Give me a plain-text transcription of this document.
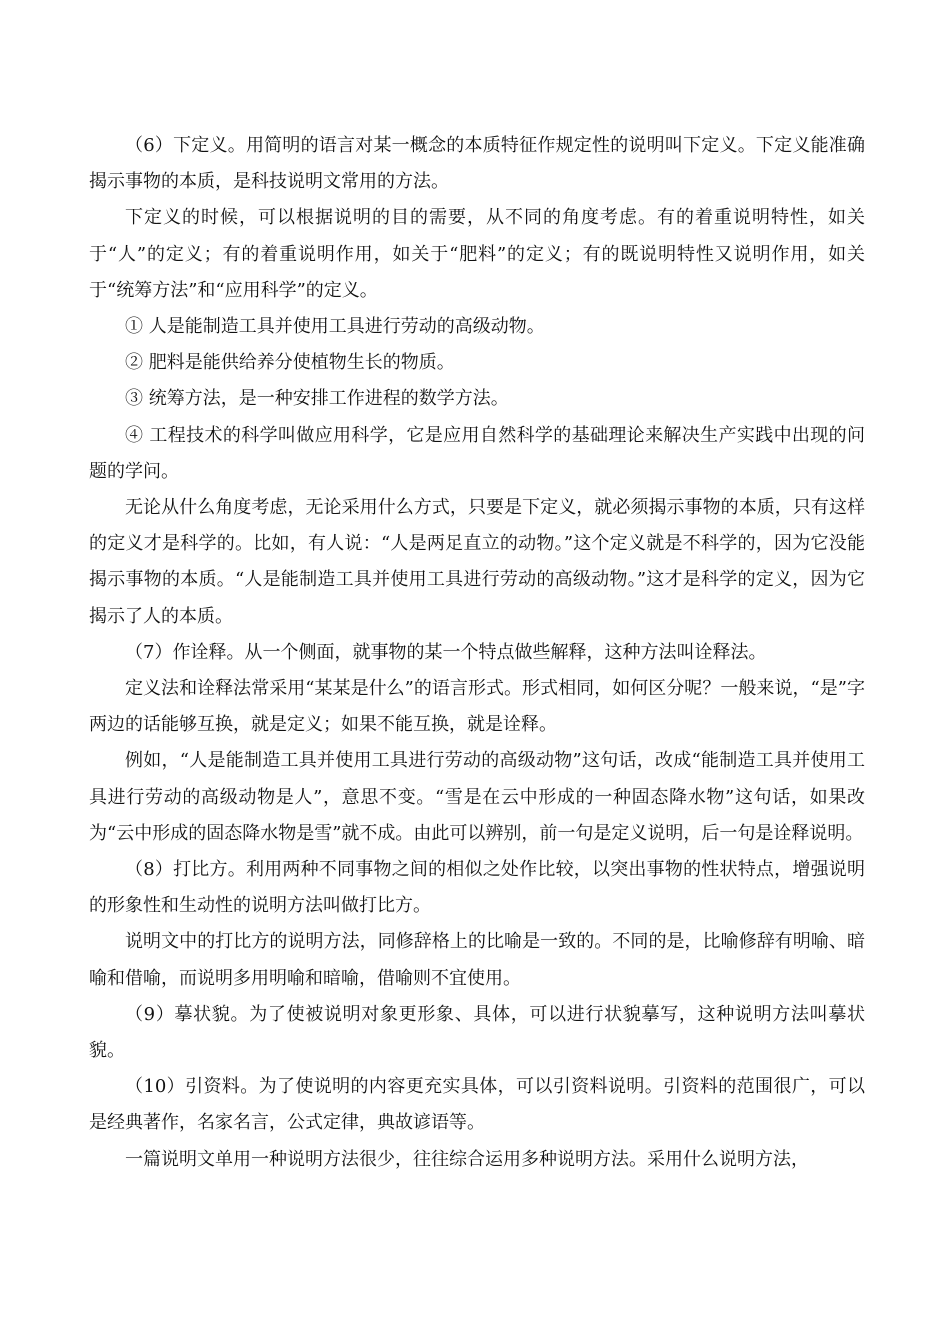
（6）下定义。用简明的语言对某一概念的本质特征作规定性的说明叫下定义。下定义能准确揭示事物的本质，是科技说明文常用的方法。

下定义的时候，可以根据说明的目的需要，从不同的角度考虑。有的着重说明特性，如关于“人”的定义；有的着重说明作用，如关于“肥料”的定义；有的既说明特性又说明作用，如关于“统筹方法”和“应用科学”的定义。

① 人是能制造工具并使用工具进行劳动的高级动物。

② 肥料是能供给养分使植物生长的物质。

③ 统筹方法，是一种安排工作进程的数学方法。

④ 工程技术的科学叫做应用科学，它是应用自然科学的基础理论来解决生产实践中出现的问题的学问。

无论从什么角度考虑，无论采用什么方式，只要是下定义，就必须揭示事物的本质，只有这样的定义才是科学的。比如，有人说：“人是两足直立的动物。”这个定义就是不科学的，因为它没能揭示事物的本质。“人是能制造工具并使用工具进行劳动的高级动物。”这才是科学的定义，因为它揭示了人的本质。

（7）作诠释。从一个侧面，就事物的某一个特点做些解释，这种方法叫诠释法。

定义法和诠释法常采用“某某是什么”的语言形式。形式相同，如何区分呢？一般来说，“是”字两边的话能够互换，就是定义；如果不能互换，就是诠释。

例如，“人是能制造工具并使用工具进行劳动的高级动物”这句话，改成“能制造工具并使用工具进行劳动的高级动物是人”，意思不变。“雪是在云中形成的一种固态降水物”这句话，如果改为“云中形成的固态降水物是雪”就不成。由此可以辨别，前一句是定义说明，后一句是诠释说明。

（8）打比方。利用两种不同事物之间的相似之处作比较，以突出事物的性状特点，增强说明的形象性和生动性的说明方法叫做打比方。

说明文中的打比方的说明方法，同修辞格上的比喻是一致的。不同的是，比喻修辞有明喻、暗喻和借喻，而说明多用明喻和暗喻，借喻则不宜使用。

（9）摹状貌。为了使被说明对象更形象、具体，可以进行状貌摹写，这种说明方法叫摹状貌。

（10）引资料。为了使说明的内容更充实具体，可以引资料说明。引资料的范围很广，可以是经典著作，名家名言，公式定律，典故谚语等。

一篇说明文单用一种说明方法很少，往往综合运用多种说明方法。采用什么说明方法，
